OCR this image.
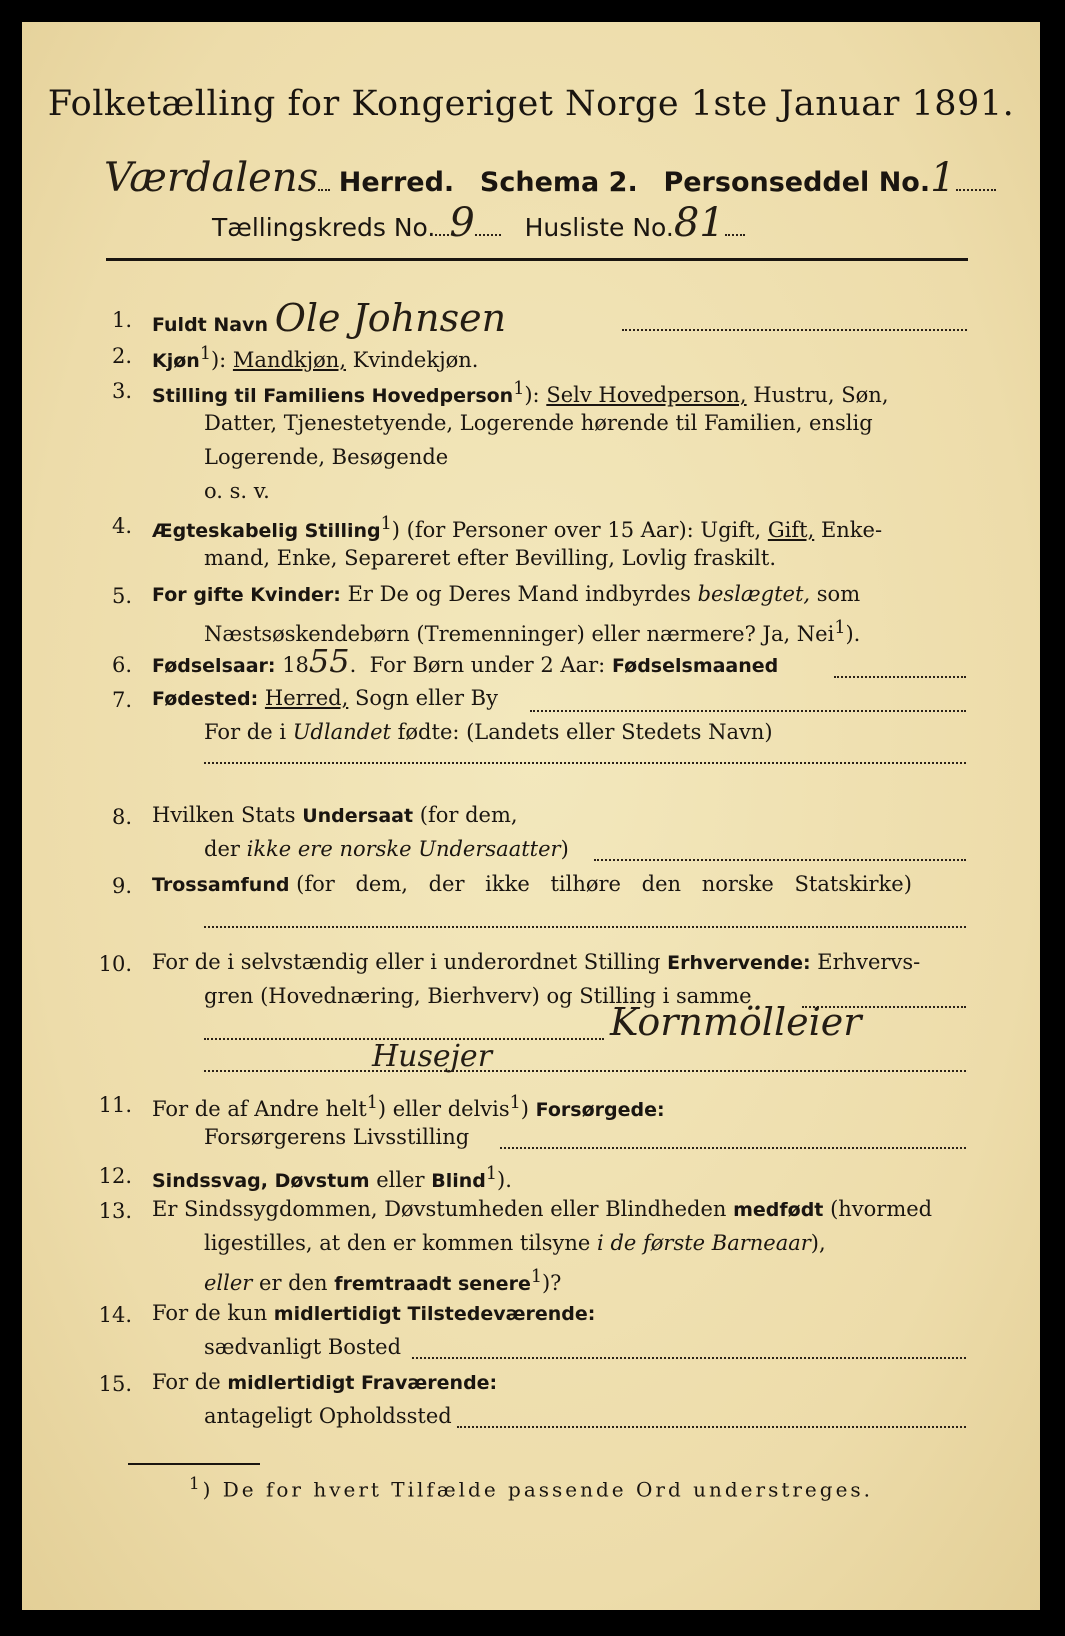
Folketælling for Kongeriget Norge 1ste Januar 1891.
Værdalens Herred. Schema 2. Personseddel No.1
Tællingskreds No. 9 Husliste No.81
1. Fuldt Navn Ole Johnsen
2. Kjøn$^1$): Mandkjøn, Kvindekjøn.
3. Stilling til Familiens Hovedperson$^1$): Selv Hovedperson, Hustru, Søn,
Datter, Tjenestetyende, Logerende hørende til Familien, enslig
Logerende, Besøgende
o. s. v.
4. Ægteskabelig Stilling$^1$) (for Personer over 15 Aar): Ugift, Gift, Enke-
mand, Enke, Separeret efter Bevilling, Lovlig fraskilt.
5. For gifte Kvinder: Er De og Deres Mand indbyrdes beslægtet, som
Næstsøskendebørn (Tremenninger) eller nærmere? Ja, Nei$^1$).
6. Fødselsaar: 1855.  For Børn under 2 Aar: Fødselsmaaned
7. Fødested: Herred, Sogn eller By
For de i Udlandet fødte: (Landets eller Stedets Navn)
8. Hvilken Stats Undersaat (for dem,
der ikke ere norske Undersaatter)
9. Trossamfund (for dem, der ikke tilhøre den norske Statskirke)
10. For de i selvstændig eller i underordnet Stilling Erhvervende: Erhvervs-
gren (Hovednæring, Bierhverv) og Stilling i samme
Kornmölleier
Husejer
11. For de af Andre helt$^1$) eller delvis$^1$) Forsørgede:
Forsørgerens Livsstilling
12. Sindssvag, Døvstum eller Blind$^1$).
13. Er Sindssygdommen, Døvstumheden eller Blindheden medfødt (hvormed
ligestilles, at den er kommen tilsyne i de første Barneaar),
eller er den fremtraadt senere$^1$)?
14. For de kun midlertidigt Tilstedeværende:
sædvanligt Bosted
15. For de midlertidigt Fraværende:
antageligt Opholdssted
$^1$) De for hvert Tilfælde passende Ord understreges.
